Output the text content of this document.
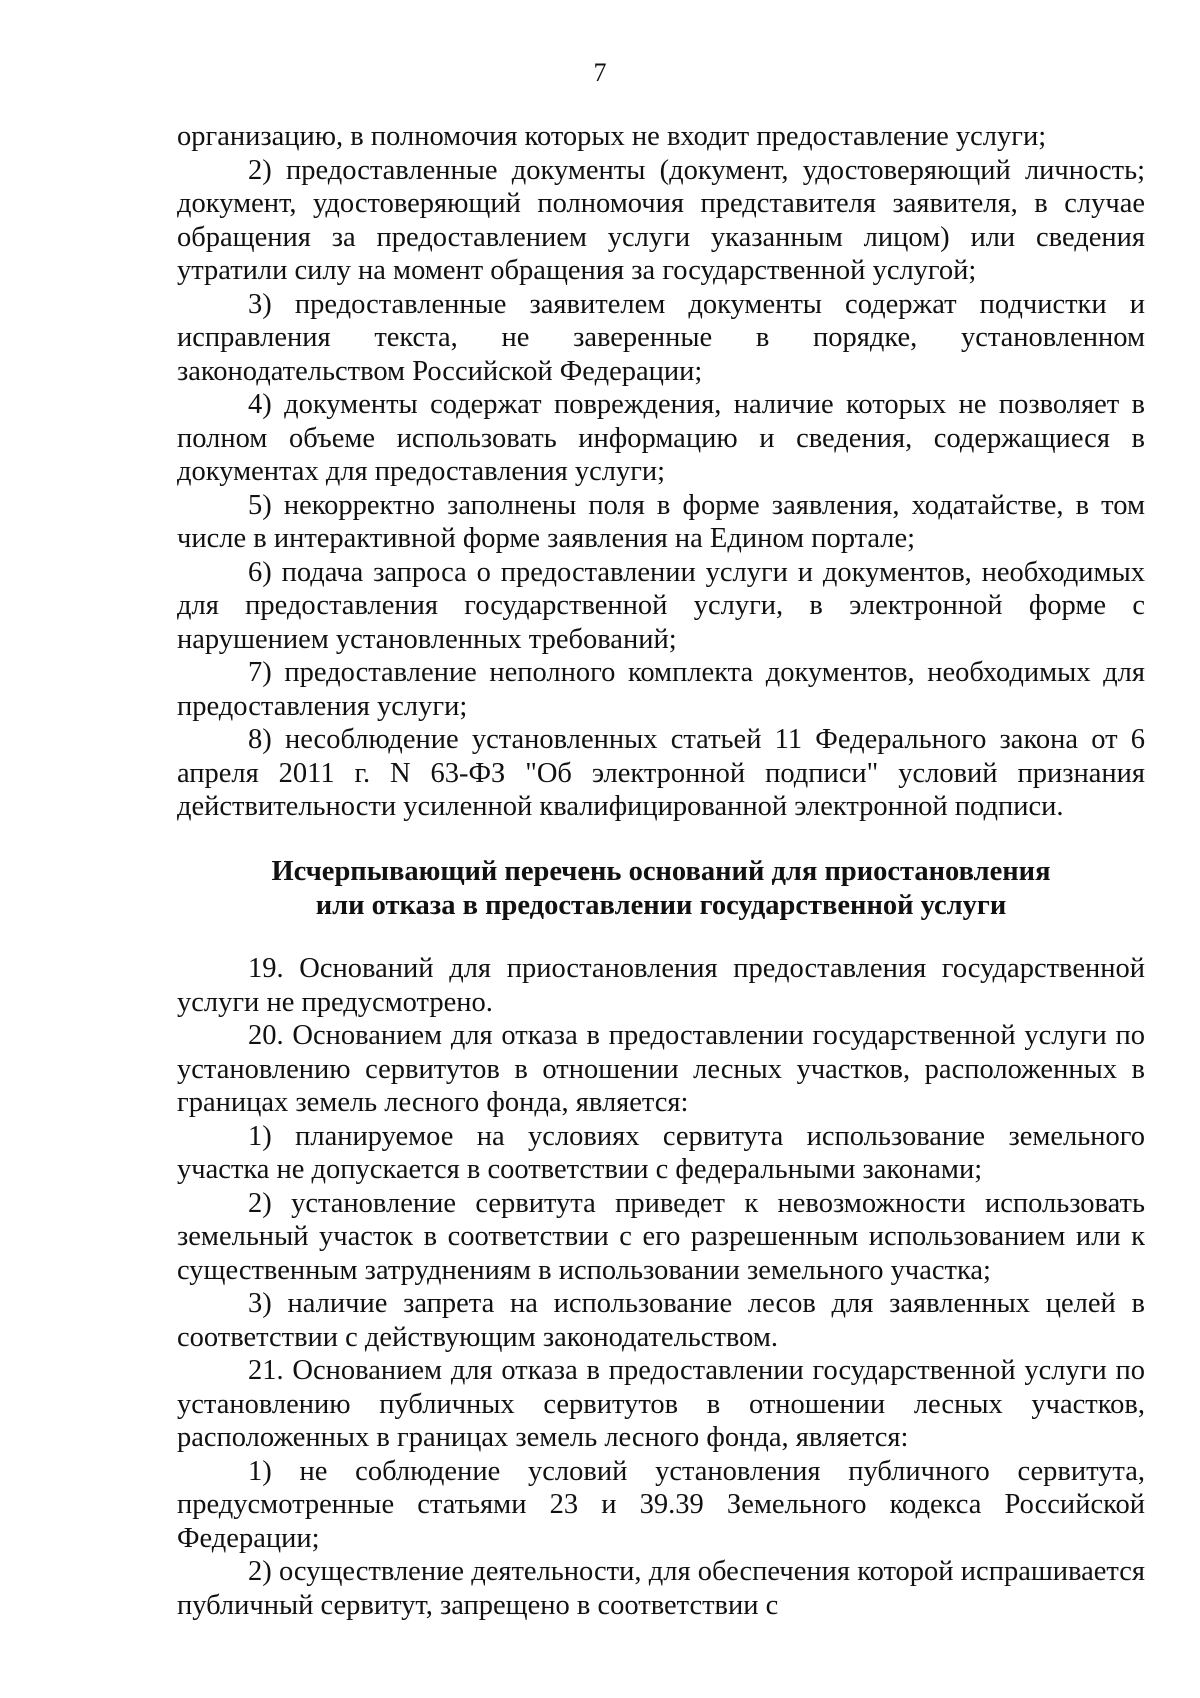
7

организацию, в полномочия которых не входит предоставление услуги;

2) предоставленные документы (документ, удостоверяющий личность; документ, удостоверяющий полномочия представителя заявителя, в случае обращения за предоставлением услуги указанным лицом) или сведения утратили силу на момент обращения за государственной услугой;

3) предоставленные заявителем документы содержат подчистки и исправления текста, не заверенные в порядке, установленном законодательством Российской Федерации;

4) документы содержат повреждения, наличие которых не позволяет в полном объеме использовать информацию и сведения, содержащиеся в документах для предоставления услуги;

5) некорректно заполнены поля в форме заявления, ходатайстве, в том числе в интерактивной форме заявления на Едином портале;

6) подача запроса о предоставлении услуги и документов, необходимых для предоставления государственной услуги, в электронной форме с нарушением установленных требований;

7) предоставление неполного комплекта документов, необходимых для предоставления услуги;

8) несоблюдение установленных статьей 11 Федерального закона от 6 апреля 2011 г. N 63-ФЗ "Об электронной подписи" условий признания действительности усиленной квалифицированной электронной подписи.

Исчерпывающий перечень оснований для приостановления
или отказа в предоставлении государственной услуги

19. Оснований для приостановления предоставления государственной услуги не предусмотрено.

20. Основанием для отказа в предоставлении государственной услуги по установлению сервитутов в отношении лесных участков, расположенных в границах земель лесного фонда, является:

1) планируемое на условиях сервитута использование земельного участка не допускается в соответствии с федеральными законами;

2) установление сервитута приведет к невозможности использовать земельный участок в соответствии с его разрешенным использованием или к существенным затруднениям в использовании земельного участка;

3) наличие запрета на использование лесов для заявленных целей в соответствии с действующим законодательством.

21. Основанием для отказа в предоставлении государственной услуги по установлению публичных сервитутов в отношении лесных участков, расположенных в границах земель лесного фонда, является:

1) не соблюдение условий установления публичного сервитута, предусмотренные статьями 23 и 39.39 Земельного кодекса Российской Федерации;

2) осуществление деятельности, для обеспечения которой испрашивается публичный сервитут, запрещено в соответствии с
